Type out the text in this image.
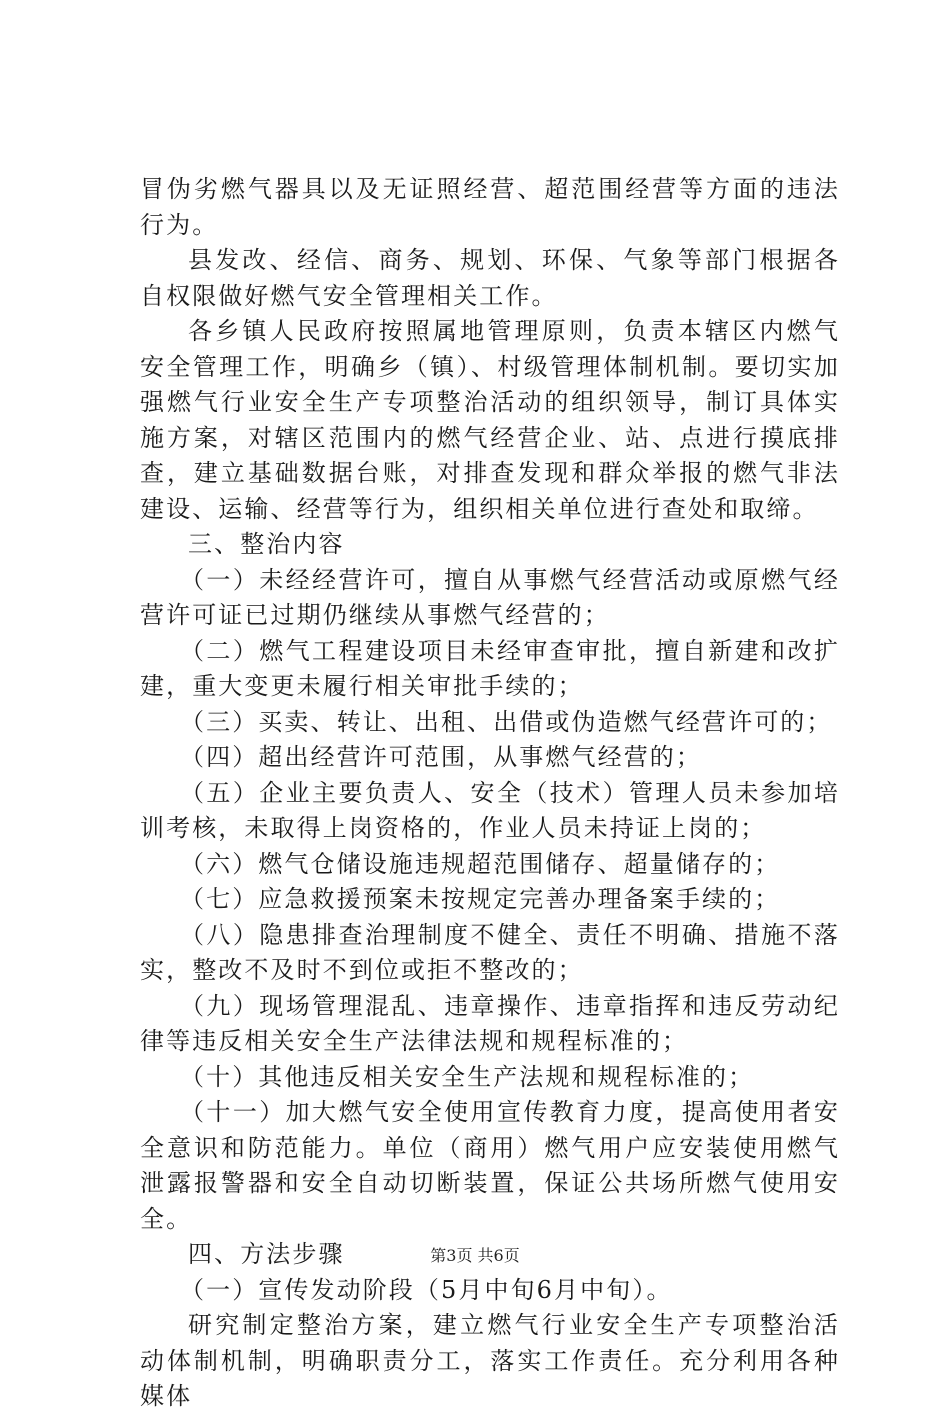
冒伪劣燃气器具以及无证照经营、超范围经营等方面的违法行为。

县发改、经信、商务、规划、环保、气象等部门根据各自权限做好燃气安全管理相关工作。

各乡镇人民政府按照属地管理原则，负责本辖区内燃气安全管理工作，明确乡（镇）、村级管理体制机制。要切实加强燃气行业安全生产专项整治活动的组织领导，制订具体实施方案，对辖区范围内的燃气经营企业、站、点进行摸底排查，建立基础数据台账，对排查发现和群众举报的燃气非法建设、运输、经营等行为，组织相关单位进行查处和取缔。

三、整治内容

（一）未经经营许可，擅自从事燃气经营活动或原燃气经营许可证已过期仍继续从事燃气经营的；

（二）燃气工程建设项目未经审查审批，擅自新建和改扩建，重大变更未履行相关审批手续的；

（三）买卖、转让、出租、出借或伪造燃气经营许可的；

（四）超出经营许可范围，从事燃气经营的；

（五）企业主要负责人、安全（技术）管理人员未参加培训考核，未取得上岗资格的，作业人员未持证上岗的；

（六）燃气仓储设施违规超范围储存、超量储存的；

（七）应急救援预案未按规定完善办理备案手续的；

（八）隐患排查治理制度不健全、责任不明确、措施不落实，整改不及时不到位或拒不整改的；

（九）现场管理混乱、违章操作、违章指挥和违反劳动纪律等违反相关安全生产法律法规和规程标准的；

（十）其他违反相关安全生产法规和规程标准的；

（十一）加大燃气安全使用宣传教育力度，提高使用者安全意识和防范能力。单位（商用）燃气用户应安装使用燃气泄露报警器和安全自动切断装置，保证公共场所燃气使用安全。

四、方法步骤

（一）宣传发动阶段（5月中旬6月中旬）。

研究制定整治方案，建立燃气行业安全生产专项整治活动体制机制，明确职责分工，落实工作责任。充分利用各种媒体

第3页 共6页
